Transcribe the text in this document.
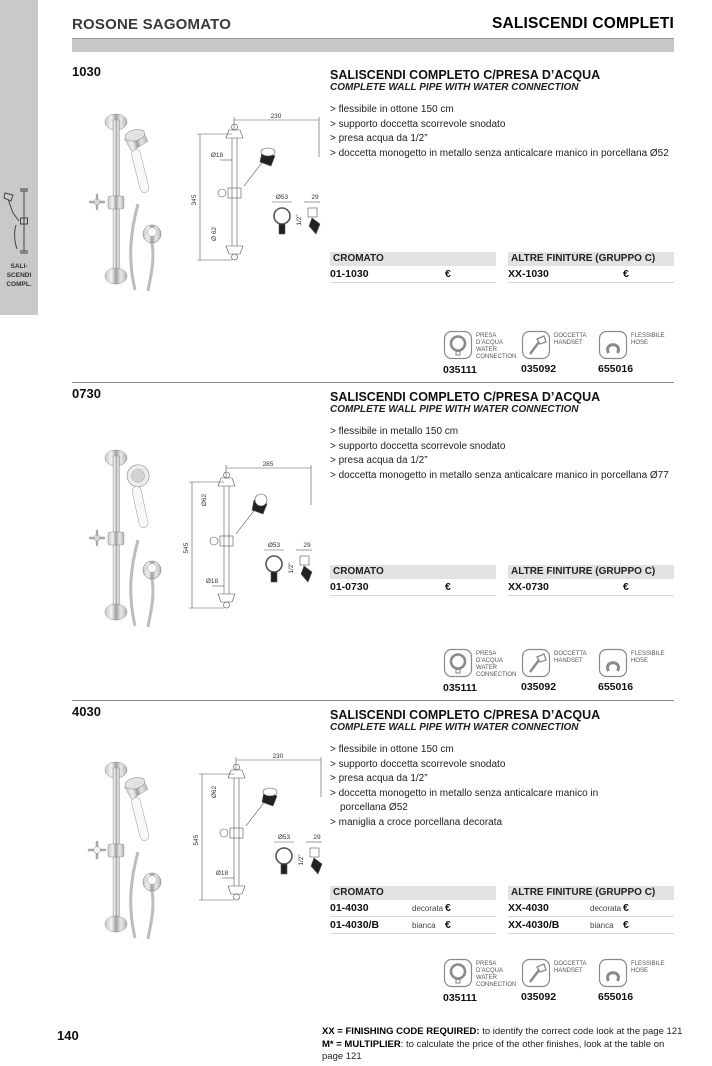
ROSONE SAGOMATO	SALISCENDI COMPLETI
SALI-
SCENDI
COMPL.
1030
230
345
Ø18
Ø 62
Ø53	29
1/2”
SALISCENDI COMPLETO C/PRESA D’ACQUA
COMPLETE WALL PIPE WITH WATER CONNECTION
> flessibile in ottone 150 cm
> supporto doccetta scorrevole snodato
> presa acqua da 1/2”
> doccetta monogetto in metallo senza anticalcare manico in porcellana Ø52
CROMATO
01-1030	€
ALTRE FINITURE (GRUPPO C)
XX-1030	€
PRESA D’ACQUA
WATER
CONNECTION
035111
DOCCETTA
HANDSET
035092
FLESSIBILE
HOSE
655016
0730
285
545
Ø62
Ø18
Ø53	29
1/2”
SALISCENDI COMPLETO C/PRESA D’ACQUA
COMPLETE WALL PIPE WITH WATER CONNECTION
> flessibile in metallo 150 cm
> supporto doccetta scorrevole snodato
> presa acqua da 1/2”
> doccetta monogetto in metallo senza anticalcare manico in porcellana Ø77
CROMATO
01-0730	€
ALTRE FINITURE (GRUPPO C)
XX-0730	€
PRESA D’ACQUA
WATER
CONNECTION
035111
DOCCETTA
HANDSET
035092
FLESSIBILE
HOSE
655016
4030
230
545
Ø62
Ø18
Ø53	29
1/2”
SALISCENDI COMPLETO C/PRESA D’ACQUA
COMPLETE WALL PIPE WITH WATER CONNECTION
> flessibile in ottone 150 cm
> supporto doccetta scorrevole snodato
> presa acqua da 1/2”
> doccetta monogetto in metallo senza anticalcare manico in porcellana Ø52
> maniglia a croce porcellana decorata
CROMATO
01-4030	decorata €
01-4030/B	bianca €
ALTRE FINITURE (GRUPPO C)
XX-4030	decorata €
XX-4030/B	bianca €
PRESA D’ACQUA
WATER
CONNECTION
035111
DOCCETTA
HANDSET
035092
FLESSIBILE
HOSE
655016
140	XX = FINISHING CODE REQUIRED: to identify the correct code look at the page 121
M* = MULTIPLIER: to calculate the price of the other finishes, look at the table on page 121
